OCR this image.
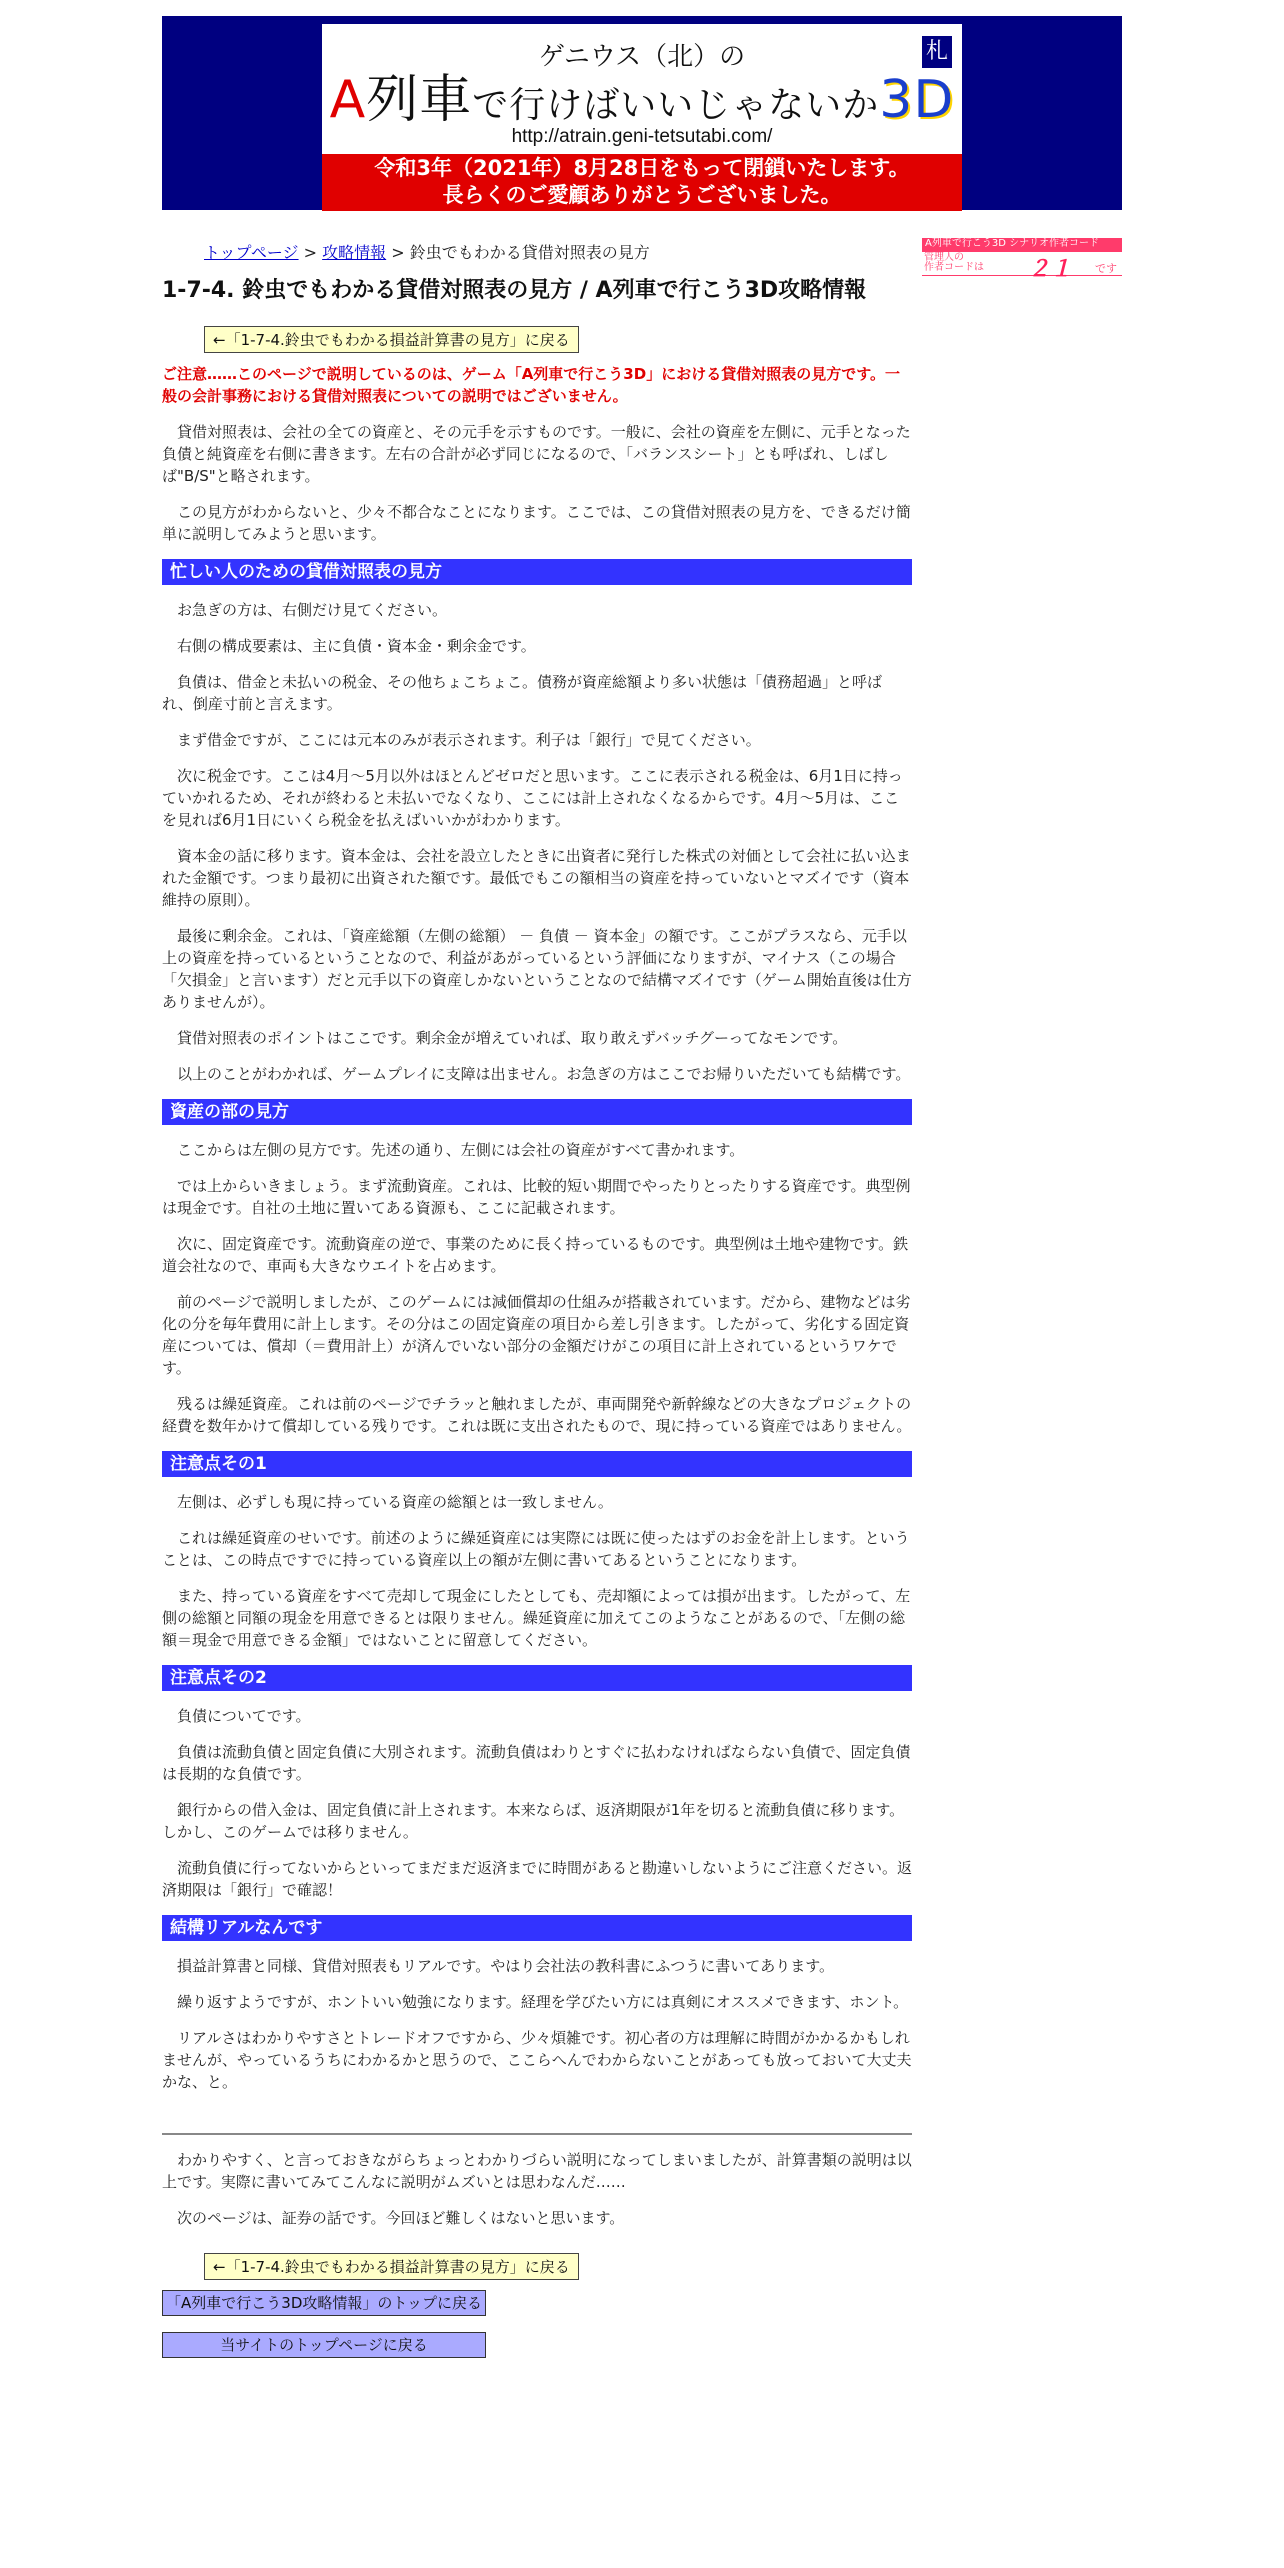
ゲニウス（北）の	札
A列車で行けばいいじゃないか3D
http://atrain.geni-tetsutabi.com/
令和3年（2021年）8月28日をもって閉鎖いたします。
長らくのご愛顧ありがとうございました。
A列車で行こう3D シナリオ作者コード
管理人の
作者コードは ２１ です
トップページ > 攻略情報 > 鈴虫でもわかる貸借対照表の見方
1-7-4. 鈴虫でもわかる貸借対照表の見方 / A列車で行こう3D攻略情報
←「1-7-4.鈴虫でもわかる損益計算書の見方」に戻る
ご注意……このページで説明しているのは、ゲーム「A列車で行こう3D」における貸借対照表の見方です。一般の会計事務における貸借対照表についての説明ではございません。

貸借対照表は、会社の全ての資産と、その元手を示すものです。一般に、会社の資産を左側に、元手となった負債と純資産を右側に書きます。左右の合計が必ず同じになるので、「バランスシート」とも呼ばれ、しばしば"B/S"と略されます。

この見方がわからないと、少々不都合なことになります。ここでは、この貸借対照表の見方を、できるだけ簡単に説明してみようと思います。

忙しい人のための貸借対照表の見方

お急ぎの方は、右側だけ見てください。

右側の構成要素は、主に負債・資本金・剰余金です。

負債は、借金と未払いの税金、その他ちょこちょこ。債務が資産総額より多い状態は「債務超過」と呼ばれ、倒産寸前と言えます。

まず借金ですが、ここには元本のみが表示されます。利子は「銀行」で見てください。

次に税金です。ここは4月～5月以外はほとんどゼロだと思います。ここに表示される税金は、6月1日に持っていかれるため、それが終わると未払いでなくなり、ここには計上されなくなるからです。4月～5月は、ここを見れば6月1日にいくら税金を払えばいいかがわかります。

資本金の話に移ります。資本金は、会社を設立したときに出資者に発行した株式の対価として会社に払い込まれた金額です。つまり最初に出資された額です。最低でもこの額相当の資産を持っていないとマズイです（資本維持の原則）。

最後に剰余金。これは、「資産総額（左側の総額） － 負債 － 資本金」の額です。ここがプラスなら、元手以上の資産を持っているということなので、利益があがっているという評価になりますが、マイナス（この場合「欠損金」と言います）だと元手以下の資産しかないということなので結構マズイです（ゲーム開始直後は仕方ありませんが）。

貸借対照表のポイントはここです。剰余金が増えていれば、取り敢えずバッチグーってなモンです。

以上のことがわかれば、ゲームプレイに支障は出ません。お急ぎの方はここでお帰りいただいても結構です。

資産の部の見方

ここからは左側の見方です。先述の通り、左側には会社の資産がすべて書かれます。

では上からいきましょう。まず流動資産。これは、比較的短い期間でやったりとったりする資産です。典型例は現金です。自社の土地に置いてある資源も、ここに記載されます。

次に、固定資産です。流動資産の逆で、事業のために長く持っているものです。典型例は土地や建物です。鉄道会社なので、車両も大きなウエイトを占めます。

前のページで説明しましたが、このゲームには減価償却の仕組みが搭載されています。だから、建物などは劣化の分を毎年費用に計上します。その分はこの固定資産の項目から差し引きます。したがって、劣化する固定資産については、償却（＝費用計上）が済んでいない部分の金額だけがこの項目に計上されているというワケです。

残るは繰延資産。これは前のページでチラッと触れましたが、車両開発や新幹線などの大きなプロジェクトの経費を数年かけて償却している残りです。これは既に支出されたもので、現に持っている資産ではありません。

注意点その1

左側は、必ずしも現に持っている資産の総額とは一致しません。

これは繰延資産のせいです。前述のように繰延資産には実際には既に使ったはずのお金を計上します。ということは、この時点ですでに持っている資産以上の額が左側に書いてあるということになります。

また、持っている資産をすべて売却して現金にしたとしても、売却額によっては損が出ます。したがって、左側の総額と同額の現金を用意できるとは限りません。繰延資産に加えてこのようなことがあるので、「左側の総額＝現金で用意できる金額」ではないことに留意してください。

注意点その2

負債についてです。

負債は流動負債と固定負債に大別されます。流動負債はわりとすぐに払わなければならない負債で、固定負債は長期的な負債です。

銀行からの借入金は、固定負債に計上されます。本来ならば、返済期限が1年を切ると流動負債に移ります。しかし、このゲームでは移りません。

流動負債に行ってないからといってまだまだ返済までに時間があると勘違いしないようにご注意ください。返済期限は「銀行」で確認！

結構リアルなんです

損益計算書と同様、貸借対照表もリアルです。やはり会社法の教科書にふつうに書いてあります。

繰り返すようですが、ホントいい勉強になります。経理を学びたい方には真剣にオススメできます、ホント。

リアルさはわかりやすさとトレードオフですから、少々煩雑です。初心者の方は理解に時間がかかるかもしれませんが、やっているうちにわかるかと思うので、ここらへんでわからないことがあっても放っておいて大丈夫かな、と。

わかりやすく、と言っておきながらちょっとわかりづらい説明になってしまいましたが、計算書類の説明は以上です。実際に書いてみてこんなに説明がムズいとは思わなんだ……

次のページは、証券の話です。今回ほど難しくはないと思います。

←「1-7-4.鈴虫でもわかる損益計算書の見方」に戻る
「A列車で行こう3D攻略情報」のトップに戻る
当サイトのトップページに戻る
